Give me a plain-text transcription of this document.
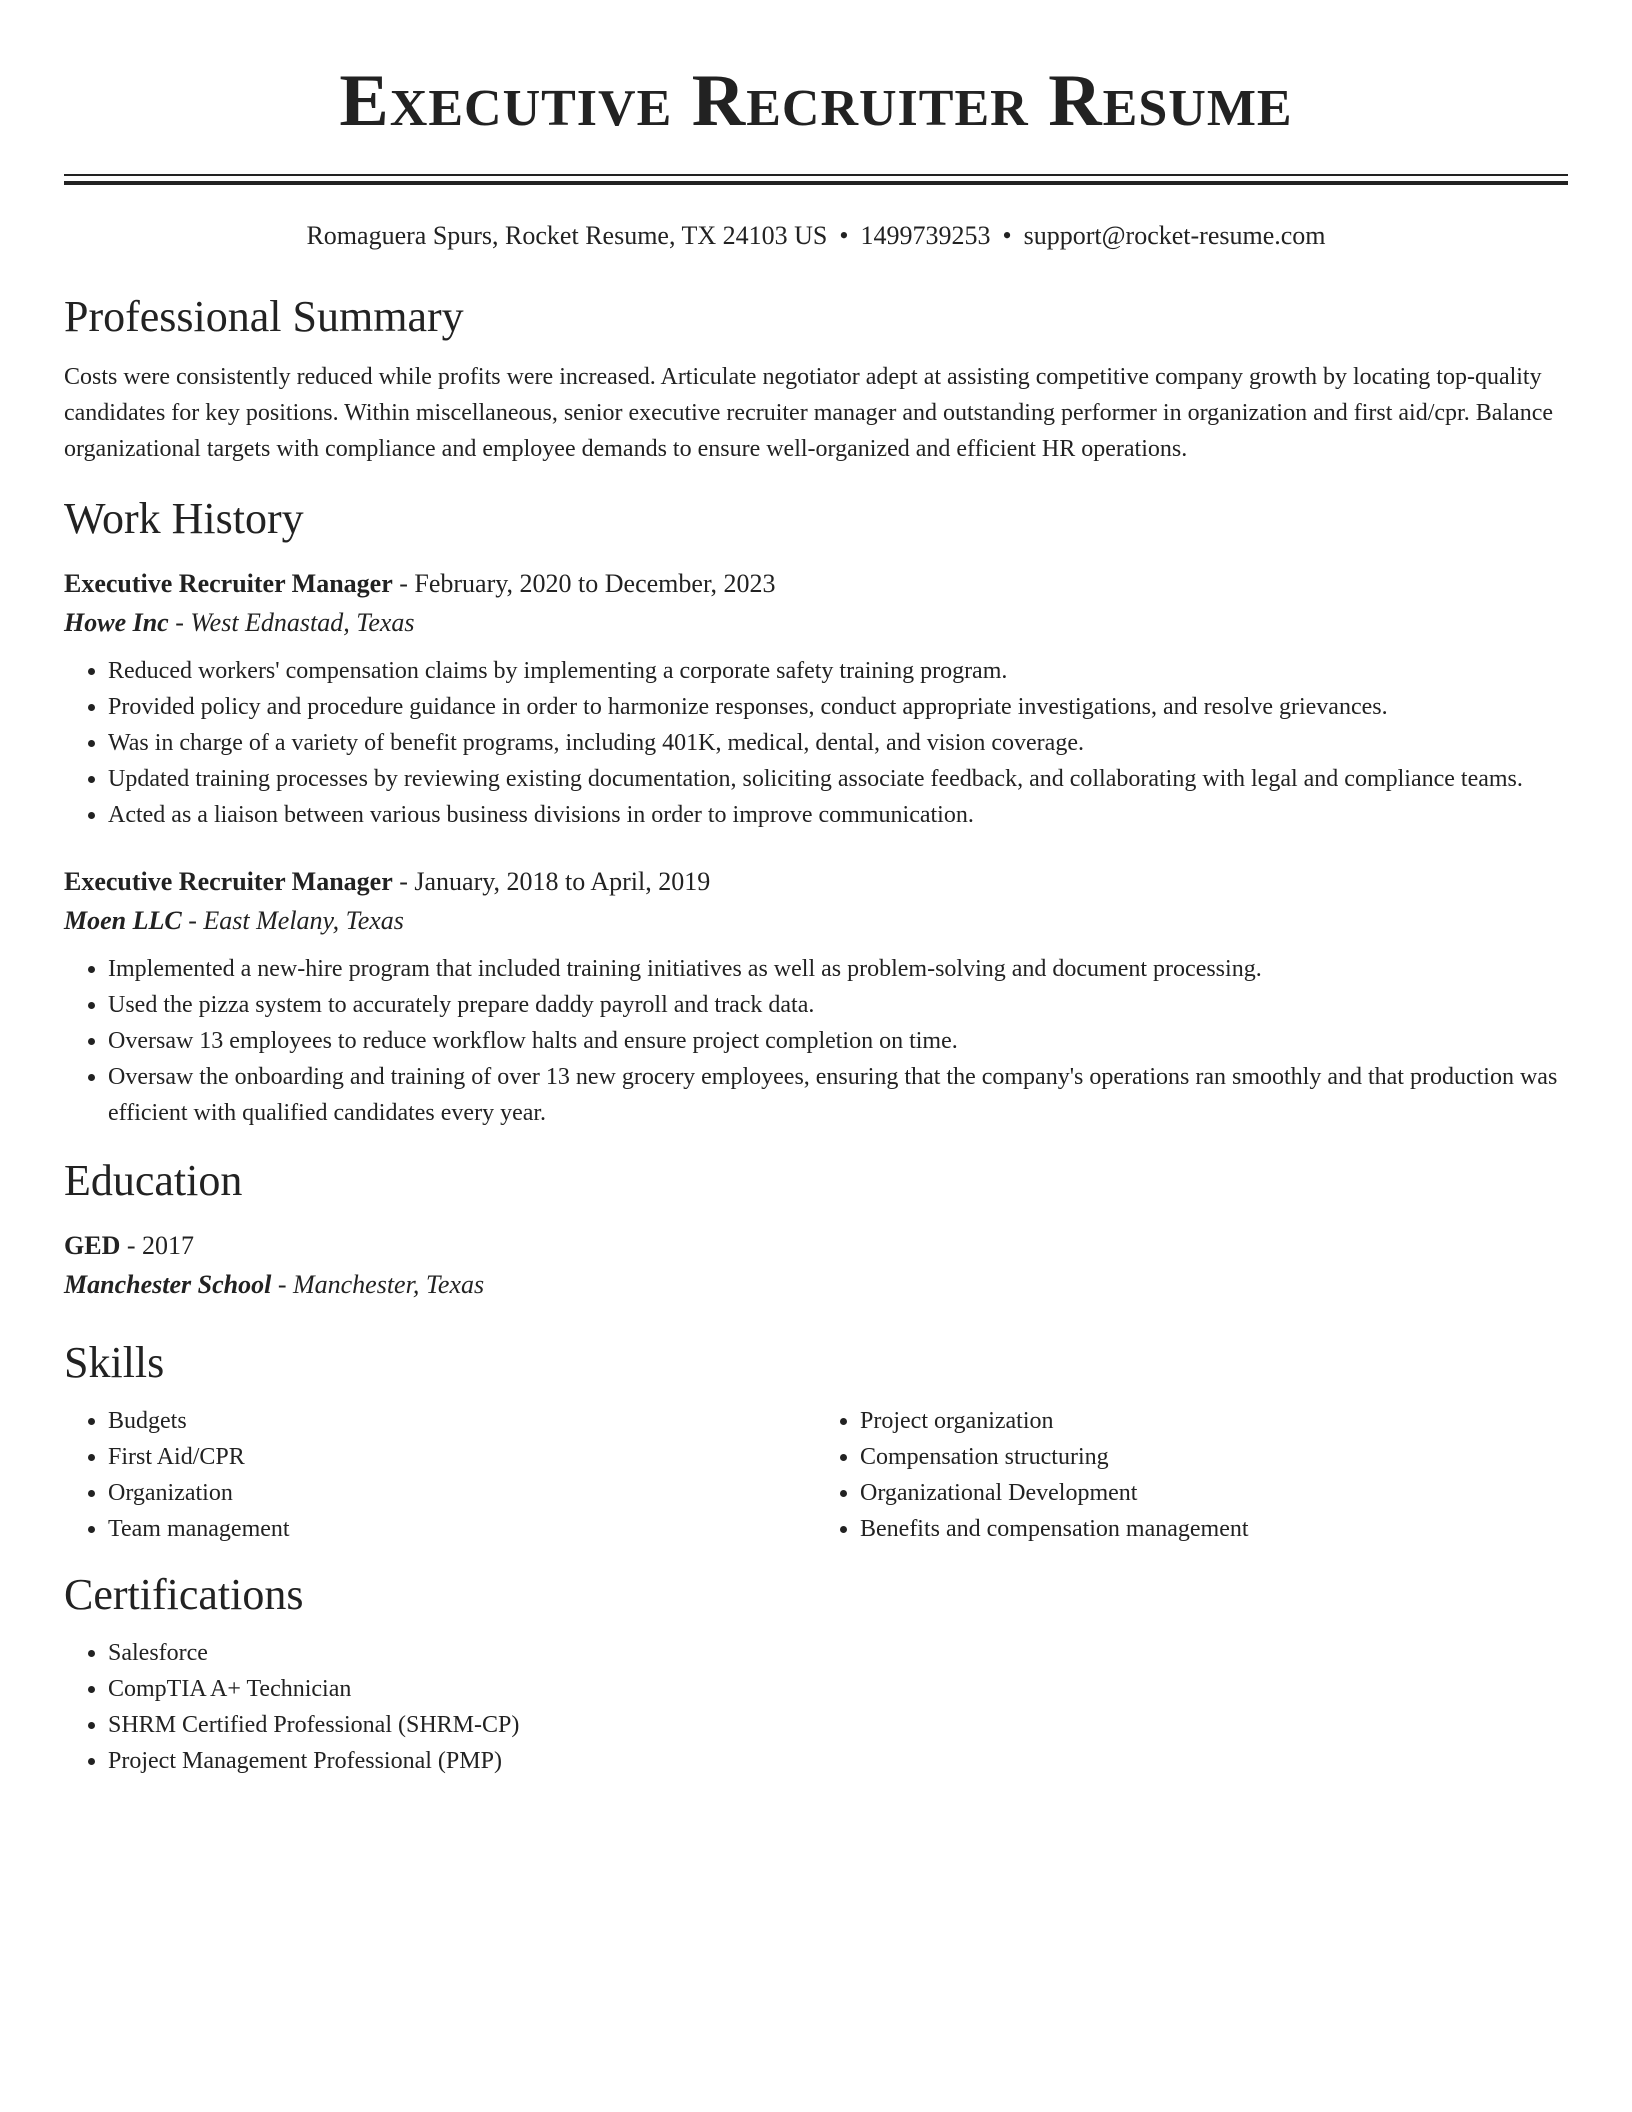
Executive Recruiter Resume
Romaguera Spurs, Rocket Resume, TX 24103 US • 1499739253 • support@rocket-resume.com
Professional Summary

Costs were consistently reduced while profits were increased. Articulate negotiator adept at assisting competitive company growth by locating top-quality candidates for key positions. Within miscellaneous, senior executive recruiter manager and outstanding performer in organization and first aid/cpr. Balance organizational targets with compliance and employee demands to ensure well-organized and efficient HR operations.

Work History
Executive Recruiter Manager - February, 2020 to December, 2023
Howe Inc - West Ednastad, Texas
• Reduced workers' compensation claims by implementing a corporate safety training program.
• Provided policy and procedure guidance in order to harmonize responses, conduct appropriate investigations, and resolve grievances.
• Was in charge of a variety of benefit programs, including 401K, medical, dental, and vision coverage.
• Updated training processes by reviewing existing documentation, soliciting associate feedback, and collaborating with legal and compliance teams.
• Acted as a liaison between various business divisions in order to improve communication.
Executive Recruiter Manager - January, 2018 to April, 2019
Moen LLC - East Melany, Texas
• Implemented a new-hire program that included training initiatives as well as problem-solving and document processing.
• Used the pizza system to accurately prepare daddy payroll and track data.
• Oversaw 13 employees to reduce workflow halts and ensure project completion on time.
• Oversaw the onboarding and training of over 13 new grocery employees, ensuring that the company's operations ran smoothly and that production was efficient with qualified candidates every year.
Education
GED - 2017
Manchester School - Manchester, Texas
Skills
• Budgets
• First Aid/CPR
• Organization
• Team management
• Project organization
• Compensation structuring
• Organizational Development
• Benefits and compensation management
Certifications
• Salesforce
• CompTIA A+ Technician
• SHRM Certified Professional (SHRM-CP)
• Project Management Professional (PMP)
